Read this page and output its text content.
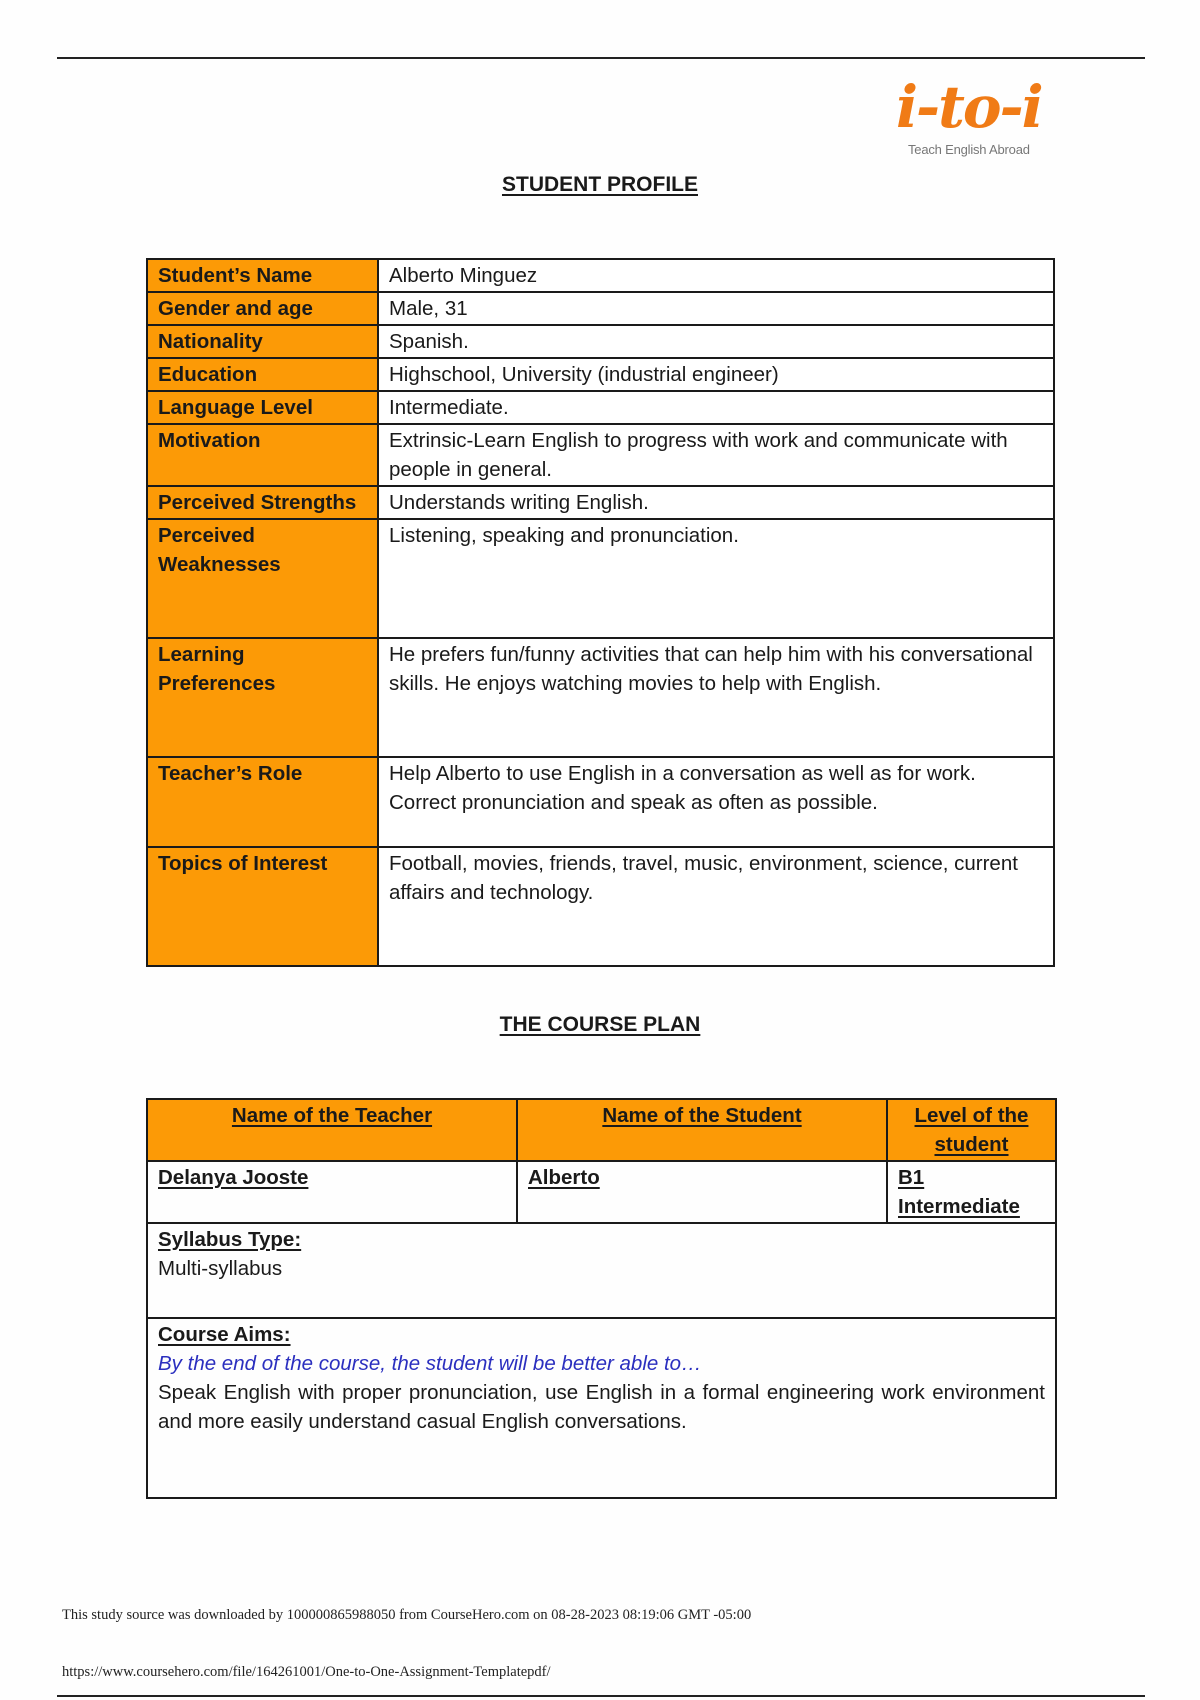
i-to-i
Teach English Abroad
STUDENT PROFILE
Student’s Name	Alberto Minguez
Gender and age	Male, 31
Nationality	Spanish.
Education	Highschool, University (industrial engineer)
Language Level	Intermediate.
Motivation	Extrinsic-Learn English to progress with work and communicate with people in general.
Perceived Strengths	Understands writing English.
Perceived Weaknesses	Listening, speaking and pronunciation.
Learning Preferences	He prefers fun/funny activities that can help him with his conversational skills. He enjoys watching movies to help with English.
Teacher’s Role	Help Alberto to use English in a conversation as well as for work. Correct pronunciation and speak as often as possible.
Topics of Interest	Football, movies, friends, travel, music, environment, science, current affairs and technology.
THE COURSE PLAN
Name of the Teacher	Name of the Student	Level of the student
Delanya Jooste	Alberto	B1 Intermediate

Syllabus Type:
Multi-syllabus		

Course Aims:
By the end of the course, the student will be better able to…
Speak English with proper pronunciation, use English in a formal engineering work environment and more easily understand casual English conversations.		
This study source was downloaded by 100000865988050 from CourseHero.com on 08-28-2023 08:19:06 GMT -05:00
https://www.coursehero.com/file/164261001/One-to-One-Assignment-Templatepdf/
